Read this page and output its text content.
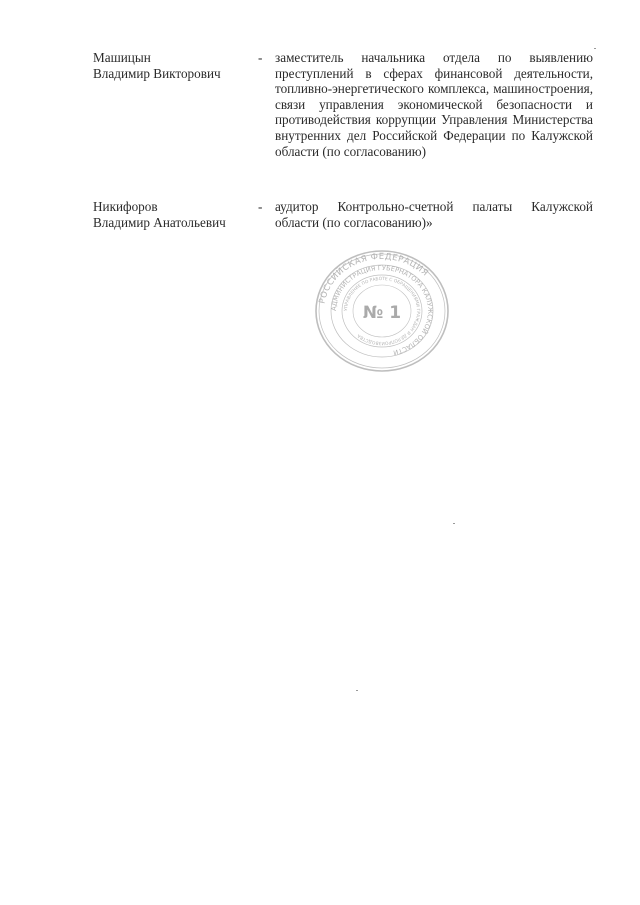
Машицын
Владимир Викторович
- заместитель начальника отдела по выявлению преступлений в сферах финансовой деятельности, топливно-энергетического комплекса, машиностроения, связи управления экономической безопасности и противодействия коррупции Управления Министерства внутренних дел Российской Федерации по Калужской области (по согласованию)
Никифоров
Владимир Анатольевич
- аудитор Контрольно-счетной палаты Калужской области (по согласованию)»
РОССИЙСКАЯ ФЕДЕРАЦИЯ
АДМИНИСТРАЦИЯ ГУБЕРНАТОРА КАЛУЖСКОЙ ОБЛАСТИ
УПРАВЛЕНИЕ ПО РАБОТЕ С ОБРАЩЕНИЯМИ ГРАЖДАН И ДЕЛОПРОИЗВОДСТВА
№ 1
